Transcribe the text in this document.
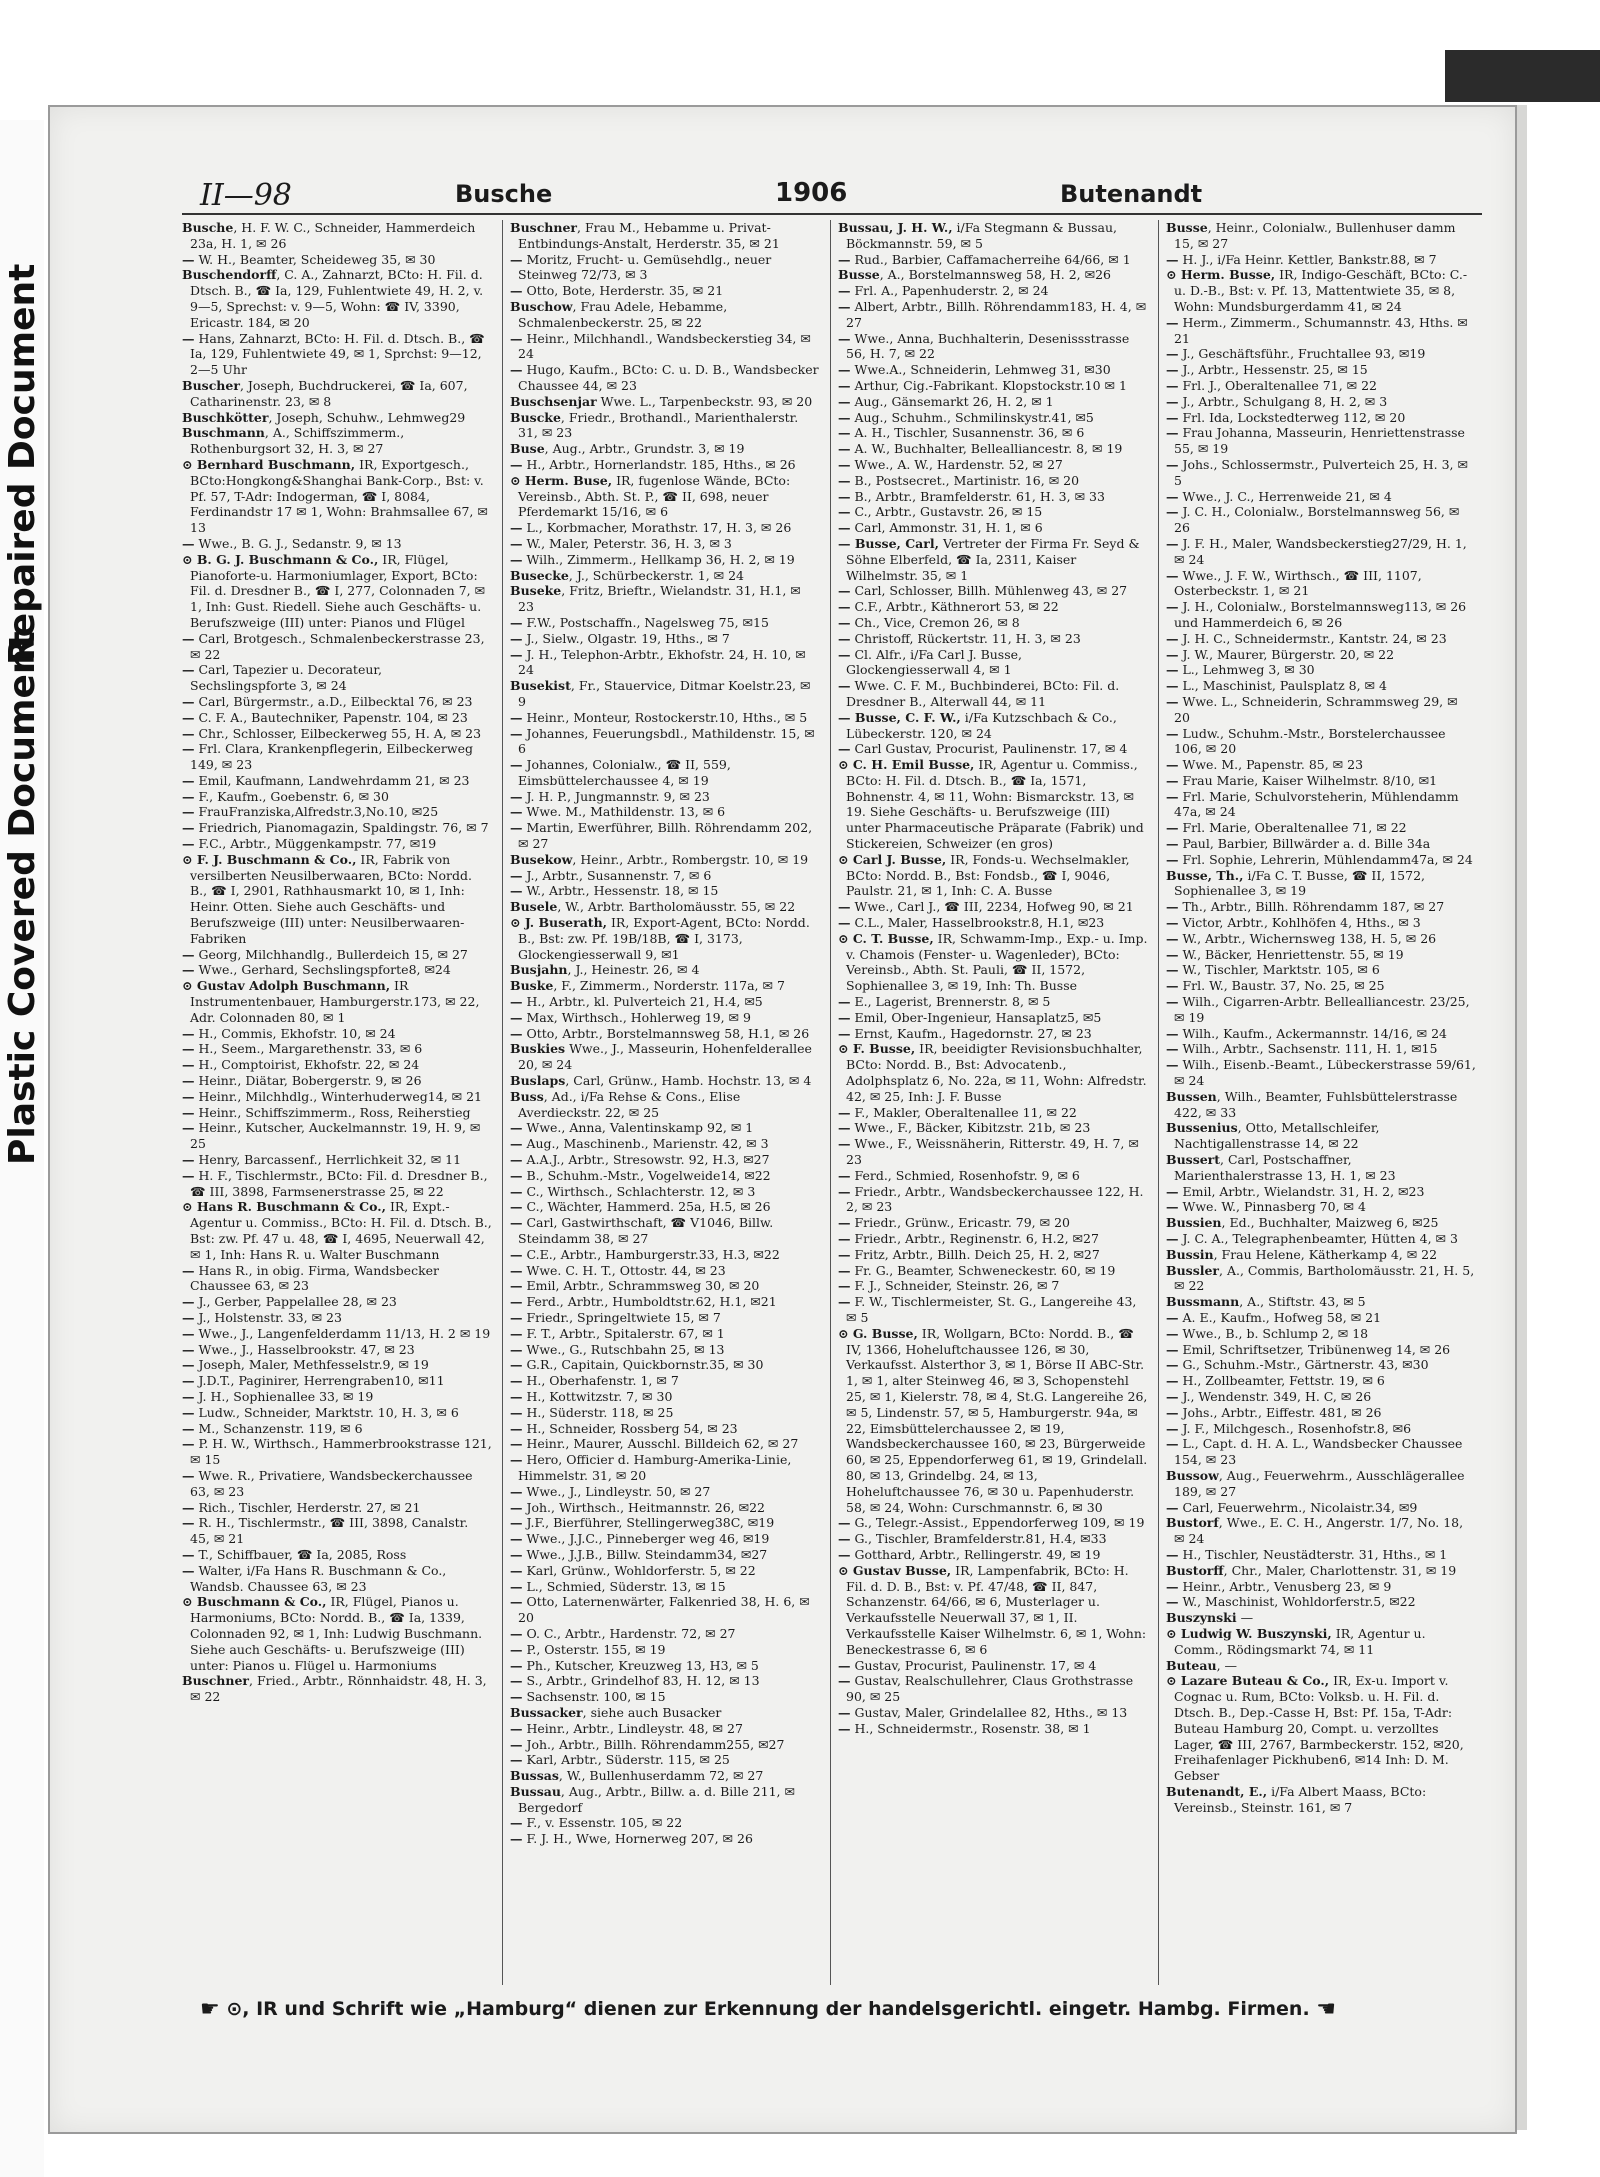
Repaired Document
Plastic Covered Document
II—98	Busche	1906	Butenandt

Busche, H. F. W. C., Schneider, Hammerdeich 23a, H. 1, ✉ 26

— W. H., Beamter, Scheideweg 35, ✉ 30

Buschendorff, C. A., Zahnarzt, BCto: H. Fil. d. Dtsch. B., ☎ Ia, 129, Fuhlentwiete 49, H. 2, v. 9—5, Sprechst: v. 9—5, Wohn: ☎ IV, 3390, Ericastr. 184, ✉ 20

— Hans, Zahnarzt, BCto: H. Fil. d. Dtsch. B., ☎ Ia, 129, Fuhlentwiete 49, ✉ 1, Sprchst: 9—12, 2—5 Uhr

Buscher, Joseph, Buchdruckerei, ☎ Ia, 607, Catharinenstr. 23, ✉ 8

Buschkötter, Joseph, Schuhw., Lehmweg29

Buschmann, A., Schiffszimmerm., Rothenburgsort 32, H. 3, ✉ 27

⊙ Bernhard Buschmann, IR, Exportgesch., BCto:Hongkong&Shanghai Bank-Corp., Bst: v. Pf. 57, T-Adr: Indogerman, ☎ I, 8084, Ferdinandstr 17 ✉ 1, Wohn: Brahmsallee 67, ✉ 13

— Wwe., B. G. J., Sedanstr. 9, ✉ 13

⊙ B. G. J. Buschmann & Co., IR, Flügel, Pianoforte-u. Harmoniumlager, Export, BCto: Fil. d. Dresdner B., ☎ I, 277, Colonnaden 7, ✉ 1, Inh: Gust. Riedell. Siehe auch Geschäfts- u. Berufszweige (III) unter: Pianos und Flügel

— Carl, Brotgesch., Schmalenbeckerstrasse 23, ✉ 22

— Carl, Tapezier u. Decorateur, Sechslingspforte 3, ✉ 24

— Carl, Bürgermstr., a.D., Eilbecktal 76, ✉ 23

— C. F. A., Bautechniker, Papenstr. 104, ✉ 23

— Chr., Schlosser, Eilbeckerweg 55, H. A, ✉ 23

— Frl. Clara, Krankenpflegerin, Eilbeckerweg 149, ✉ 23

— Emil, Kaufmann, Landwehrdamm 21, ✉ 23

— F., Kaufm., Goebenstr. 6, ✉ 30

— FrauFranziska,Alfredstr.3,No.10, ✉25

— Friedrich, Pianomagazin, Spaldingstr. 76, ✉ 7

— F.C., Arbtr., Müggenkampstr. 77, ✉19

⊙ F. J. Buschmann & Co., IR, Fabrik von versilberten Neusilberwaaren, BCto: Nordd. B., ☎ I, 2901, Rathhausmarkt 10, ✉ 1, Inh: Heinr. Otten. Siehe auch Geschäfts- und Berufszweige (III) unter: Neusilberwaaren-Fabriken

— Georg, Milchhandlg., Bullerdeich 15, ✉ 27

— Wwe., Gerhard, Sechslingspforte8, ✉24

⊙ Gustav Adolph Buschmann, IR Instrumentenbauer, Hamburgerstr.173, ✉ 22, Adr. Colonnaden 80, ✉ 1

— H., Commis, Ekhofstr. 10, ✉ 24

— H., Seem., Margarethenstr. 33, ✉ 6

— H., Comptoirist, Ekhofstr. 22, ✉ 24

— Heinr., Diätar, Bobergerstr. 9, ✉ 26

— Heinr., Milchhdlg., Winterhuderweg14, ✉ 21

— Heinr., Schiffszimmerm., Ross, Reiherstieg

— Heinr., Kutscher, Auckelmannstr. 19, H. 9, ✉ 25

— Henry, Barcassenf., Herrlichkeit 32, ✉ 11

— H. F., Tischlermstr., BCto: Fil. d. Dresdner B., ☎ III, 3898, Farmsenerstrasse 25, ✉ 22

⊙ Hans R. Buschmann & Co., IR, Expt.-Agentur u. Commiss., BCto: H. Fil. d. Dtsch. B., Bst: zw. Pf. 47 u. 48, ☎ I, 4695, Neuerwall 42, ✉ 1, Inh: Hans R. u. Walter Buschmann

— Hans R., in obig. Firma, Wandsbecker Chaussee 63, ✉ 23

— J., Gerber, Pappelallee 28, ✉ 23

— J., Holstenstr. 33, ✉ 23

— Wwe., J., Langenfelderdamm 11/13, H. 2 ✉ 19

— Wwe., J., Hasselbrookstr. 47, ✉ 23

— Joseph, Maler, Methfesselstr.9, ✉ 19

— J.D.T., Paginirer, Herrengraben10, ✉11

— J. H., Sophienallee 33, ✉ 19

— Ludw., Schneider, Marktstr. 10, H. 3, ✉ 6

— M., Schanzenstr. 119, ✉ 6

— P. H. W., Wirthsch., Hammerbrookstrasse 121, ✉ 15

— Wwe. R., Privatiere, Wandsbeckerchaussee 63, ✉ 23

— Rich., Tischler, Herderstr. 27, ✉ 21

— R. H., Tischlermstr., ☎ III, 3898, Canalstr. 45, ✉ 21

— T., Schiffbauer, ☎ Ia, 2085, Ross

— Walter, i/Fa Hans R. Buschmann & Co., Wandsb. Chaussee 63, ✉ 23

⊙ Buschmann & Co., IR, Flügel, Pianos u. Harmoniums, BCto: Nordd. B., ☎ Ia, 1339, Colonnaden 92, ✉ 1, Inh: Ludwig Buschmann. Siehe auch Geschäfts- u. Berufszweige (III) unter: Pianos u. Flügel u. Harmoniums

Buschner, Fried., Arbtr., Rönnhaidstr. 48, H. 3, ✉ 22

Buschner, Frau M., Hebamme u. Privat-Entbindungs-Anstalt, Herderstr. 35, ✉ 21

— Moritz, Frucht- u. Gemüsehdlg., neuer Steinweg 72/73, ✉ 3

— Otto, Bote, Herderstr. 35, ✉ 21

Buschow, Frau Adele, Hebamme, Schmalenbeckerstr. 25, ✉ 22

— Heinr., Milchhandl., Wandsbeckerstieg 34, ✉ 24

— Hugo, Kaufm., BCto: C. u. D. B., Wandsbecker Chaussee 44, ✉ 23

Buschsenjar Wwe. L., Tarpenbeckstr. 93, ✉ 20

Buscke, Friedr., Brothandl., Marienthalerstr. 31, ✉ 23

Buse, Aug., Arbtr., Grundstr. 3, ✉ 19

— H., Arbtr., Hornerlandstr. 185, Hths., ✉ 26

⊙ Herm. Buse, IR, fugenlose Wände, BCto: Vereinsb., Abth. St. P., ☎ II, 698, neuer Pferdemarkt 15/16, ✉ 6

— L., Korbmacher, Morathstr. 17, H. 3, ✉ 26

— W., Maler, Peterstr. 36, H. 3, ✉ 3

— Wilh., Zimmerm., Hellkamp 36, H. 2, ✉ 19

Busecke, J., Schürbeckerstr. 1, ✉ 24

Buseke, Fritz, Brieftr., Wielandstr. 31, H.1, ✉ 23

— F.W., Postschaffn., Nagelsweg 75, ✉15

— J., Sielw., Olgastr. 19, Hths., ✉ 7

— J. H., Telephon-Arbtr., Ekhofstr. 24, H. 10, ✉ 24

Busekist, Fr., Stauervice, Ditmar Koelstr.23, ✉ 9

— Heinr., Monteur, Rostockerstr.10, Hths., ✉ 5

— Johannes, Feuerungsbdl., Mathildenstr. 15, ✉ 6

— Johannes, Colonialw., ☎ II, 559, Eimsbüttelerchaussee 4, ✉ 19

— J. H. P., Jungmannstr. 9, ✉ 23

— Wwe. M., Mathildenstr. 13, ✉ 6

— Martin, Ewerführer, Billh. Röhrendamm 202, ✉ 27

Busekow, Heinr., Arbtr., Rombergstr. 10, ✉ 19

— J., Arbtr., Susannenstr. 7, ✉ 6

— W., Arbtr., Hessenstr. 18, ✉ 15

Busele, W., Arbtr. Bartholomäusstr. 55, ✉ 22

⊙ J. Buserath, IR, Export-Agent, BCto: Nordd. B., Bst: zw. Pf. 19B/18B, ☎ I, 3173, Glockengiesserwall 9, ✉1

Busjahn, J., Heinestr. 26, ✉ 4

Buske, F., Zimmerm., Norderstr. 117a, ✉ 7

— H., Arbtr., kl. Pulverteich 21, H.4, ✉5

— Max, Wirthsch., Hohlerweg 19, ✉ 9

— Otto, Arbtr., Borstelmannsweg 58, H.1, ✉ 26

Buskies Wwe., J., Masseurin, Hohenfelderallee 20, ✉ 24

Buslaps, Carl, Grünw., Hamb. Hochstr. 13, ✉ 4

Buss, Ad., i/Fa Rehse & Cons., Elise Averdieckstr. 22, ✉ 25

— Wwe., Anna, Valentinskamp 92, ✉ 1

— Aug., Maschinenb., Marienstr. 42, ✉ 3

— A.A.J., Arbtr., Stresowstr. 92, H.3, ✉27

— B., Schuhm.-Mstr., Vogelweide14, ✉22

— C., Wirthsch., Schlachterstr. 12, ✉ 3

— C., Wächter, Hammerd. 25a, H.5, ✉ 26

— Carl, Gastwirthschaft, ☎ V1046, Billw. Steindamm 38, ✉ 27

— C.E., Arbtr., Hamburgerstr.33, H.3, ✉22

— Wwe. C. H. T., Ottostr. 44, ✉ 23

— Emil, Arbtr., Schrammsweg 30, ✉ 20

— Ferd., Arbtr., Humboldtstr.62, H.1, ✉21

— Friedr., Springeltwiete 15, ✉ 7

— F. T., Arbtr., Spitalerstr. 67, ✉ 1

— Wwe., G., Rutschbahn 25, ✉ 13

— G.R., Capitain, Quickbornstr.35, ✉ 30

— H., Oberhafenstr. 1, ✉ 7

— H., Kottwitzstr. 7, ✉ 30

— H., Süderstr. 118, ✉ 25

— H., Schneider, Rossberg 54, ✉ 23

— Heinr., Maurer, Ausschl. Billdeich 62, ✉ 27

— Hero, Officier d. Hamburg-Amerika-Linie, Himmelstr. 31, ✉ 20

— Wwe., J., Lindleystr. 50, ✉ 27

— Joh., Wirthsch., Heitmannstr. 26, ✉22

— J.F., Bierführer, Stellingerweg38C, ✉19

— Wwe., J.J.C., Pinneberger weg 46, ✉19

— Wwe., J.J.B., Billw. Steindamm34, ✉27

— Karl, Grünw., Wohldorferstr. 5, ✉ 22

— L., Schmied, Süderstr. 13, ✉ 15

— Otto, Laternenwärter, Falkenried 38, H. 6, ✉ 20

— O. C., Arbtr., Hardenstr. 72, ✉ 27

— P., Osterstr. 155, ✉ 19

— Ph., Kutscher, Kreuzweg 13, H3, ✉ 5

— S., Arbtr., Grindelhof 83, H. 12, ✉ 13

— Sachsenstr. 100, ✉ 15

Bussacker, siehe auch Busacker

— Heinr., Arbtr., Lindleystr. 48, ✉ 27

— Joh., Arbtr., Billh. Röhrendamm255, ✉27

— Karl, Arbtr., Süderstr. 115, ✉ 25

Bussas, W., Bullenhuserdamm 72, ✉ 27

Bussau, Aug., Arbtr., Billw. a. d. Bille 211, ✉ Bergedorf

— F., v. Essenstr. 105, ✉ 22

— F. J. H., Wwe, Hornerweg 207, ✉ 26

Bussau, J. H. W., i/Fa Stegmann & Bussau, Böckmannstr. 59, ✉ 5

— Rud., Barbier, Caffamacherreihe 64/66, ✉ 1

Busse, A., Borstelmannsweg 58, H. 2, ✉26

— Frl. A., Papenhuderstr. 2, ✉ 24

— Albert, Arbtr., Billh. Röhrendamm183, H. 4, ✉ 27

— Wwe., Anna, Buchhalterin, Desenissstrasse 56, H. 7, ✉ 22

— Wwe.A., Schneiderin, Lehmweg 31, ✉30

— Arthur, Cig.-Fabrikant. Klopstockstr.10 ✉ 1

— Aug., Gänsemarkt 26, H. 2, ✉ 1

— Aug., Schuhm., Schmilinskystr.41, ✉5

— A. H., Tischler, Susannenstr. 36, ✉ 6

— A. W., Buchhalter, Bellealliancestr. 8, ✉ 19

— Wwe., A. W., Hardenstr. 52, ✉ 27

— B., Postsecret., Martinistr. 16, ✉ 20

— B., Arbtr., Bramfelderstr. 61, H. 3, ✉ 33

— C., Arbtr., Gustavstr. 26, ✉ 15

— Carl, Ammonstr. 31, H. 1, ✉ 6

— Busse, Carl, Vertreter der Firma Fr. Seyd & Söhne Elberfeld, ☎ Ia, 2311, Kaiser Wilhelmstr. 35, ✉ 1

— Carl, Schlosser, Billh. Mühlenweg 43, ✉ 27

— C.F., Arbtr., Käthnerort 53, ✉ 22

— Ch., Vice, Cremon 26, ✉ 8

— Christoff, Rückertstr. 11, H. 3, ✉ 23

— Cl. Alfr., i/Fa Carl J. Busse, Glockengiesserwall 4, ✉ 1

— Wwe. C. F. M., Buchbinderei, BCto: Fil. d. Dresdner B., Alterwall 44, ✉ 11

— Busse, C. F. W., i/Fa Kutzschbach & Co., Lübeckerstr. 120, ✉ 24

— Carl Gustav, Procurist, Paulinenstr. 17, ✉ 4

⊙ C. H. Emil Busse, IR, Agentur u. Commiss., BCto: H. Fil. d. Dtsch. B., ☎ Ia, 1571, Bohnenstr. 4, ✉ 11, Wohn: Bismarckstr. 13, ✉ 19. Siehe Geschäfts- u. Berufszweige (III) unter Pharmaceutische Präparate (Fabrik) und Stickereien, Schweizer (en gros)

⊙ Carl J. Busse, IR, Fonds-u. Wechselmakler, BCto: Nordd. B., Bst: Fondsb., ☎ I, 9046, Paulstr. 21, ✉ 1, Inh: C. A. Busse

— Wwe., Carl J., ☎ III, 2234, Hofweg 90, ✉ 21

— C.L., Maler, Hasselbrookstr.8, H.1, ✉23

⊙ C. T. Busse, IR, Schwamm-Imp., Exp.- u. Imp. v. Chamois (Fenster- u. Wagenleder), BCto: Vereinsb., Abth. St. Pauli, ☎ II, 1572, Sophienallee 3, ✉ 19, Inh: Th. Busse

— E., Lagerist, Brennerstr. 8, ✉ 5

— Emil, Ober-Ingenieur, Hansaplatz5, ✉5

— Ernst, Kaufm., Hagedornstr. 27, ✉ 23

⊙ F. Busse, IR, beeidigter Revisionsbuchhalter, BCto: Nordd. B., Bst: Advocatenb., Adolphsplatz 6, No. 22a, ✉ 11, Wohn: Alfredstr. 42, ✉ 25, Inh: J. F. Busse

— F., Makler, Oberaltenallee 11, ✉ 22

— Wwe., F., Bäcker, Kibitzstr. 21b, ✉ 23

— Wwe., F., Weissnäherin, Ritterstr. 49, H. 7, ✉ 23

— Ferd., Schmied, Rosenhofstr. 9, ✉ 6

— Friedr., Arbtr., Wandsbeckerchaussee 122, H. 2, ✉ 23

— Friedr., Grünw., Ericastr. 79, ✉ 20

— Friedr., Arbtr., Reginenstr. 6, H.2, ✉27

— Fritz, Arbtr., Billh. Deich 25, H. 2, ✉27

— Fr. G., Beamter, Schweneckestr. 60, ✉ 19

— F. J., Schneider, Steinstr. 26, ✉ 7

— F. W., Tischlermeister, St. G., Langereihe 43, ✉ 5

⊙ G. Busse, IR, Wollgarn, BCto: Nordd. B., ☎ IV, 1366, Hoheluftchaussee 126, ✉ 30, Verkaufsst. Alsterthor 3, ✉ 1, Börse II ABC-Str. 1, ✉ 1, alter Steinweg 46, ✉ 3, Schopenstehl 25, ✉ 1, Kielerstr. 78, ✉ 4, St.G. Langereihe 26, ✉ 5, Lindenstr. 57, ✉ 5, Hamburgerstr. 94a, ✉ 22, Eimsbüttelerchaussee 2, ✉ 19, Wandsbeckerchaussee 160, ✉ 23, Bürgerweide 60, ✉ 25, Eppendorferweg 61, ✉ 19, Grindelall. 80, ✉ 13, Grindelbg. 24, ✉ 13, Hoheluftchaussee 76, ✉ 30 u. Papenhuderstr. 58, ✉ 24, Wohn: Curschmannstr. 6, ✉ 30

— G., Telegr.-Assist., Eppendorferweg 109, ✉ 19

— G., Tischler, Bramfelderstr.81, H.4, ✉33

— Gotthard, Arbtr., Rellingerstr. 49, ✉ 19

⊙ Gustav Busse, IR, Lampenfabrik, BCto: H. Fil. d. D. B., Bst: v. Pf. 47/48, ☎ II, 847, Schanzenstr. 64/66, ✉ 6, Musterlager u. Verkaufsstelle Neuerwall 37, ✉ 1, II. Verkaufsstelle Kaiser Wilhelmstr. 6, ✉ 1, Wohn: Beneckestrasse 6, ✉ 6

— Gustav, Procurist, Paulinenstr. 17, ✉ 4

— Gustav, Realschullehrer, Claus Grothstrasse 90, ✉ 25

— Gustav, Maler, Grindelallee 82, Hths., ✉ 13

— H., Schneidermstr., Rosenstr. 38, ✉ 1

Busse, Heinr., Colonialw., Bullenhuser damm 15, ✉ 27

— H. J., i/Fa Heinr. Kettler, Bankstr.88, ✉ 7

⊙ Herm. Busse, IR, Indigo-Geschäft, BCto: C.- u. D.-B., Bst: v. Pf. 13, Mattentwiete 35, ✉ 8, Wohn: Mundsburgerdamm 41, ✉ 24

— Herm., Zimmerm., Schumannstr. 43, Hths. ✉ 21

— J., Geschäftsführ., Fruchtallee 93, ✉19

— J., Arbtr., Hessenstr. 25, ✉ 15

— Frl. J., Oberaltenallee 71, ✉ 22

— J., Arbtr., Schulgang 8, H. 2, ✉ 3

— Frl. Ida, Lockstedterweg 112, ✉ 20

— Frau Johanna, Masseurin, Henriettenstrasse 55, ✉ 19

— Johs., Schlossermstr., Pulverteich 25, H. 3, ✉ 5

— Wwe., J. C., Herrenweide 21, ✉ 4

— J. C. H., Colonialw., Borstelmannsweg 56, ✉ 26

— J. F. H., Maler, Wandsbeckerstieg27/29, H. 1, ✉ 24

— Wwe., J. F. W., Wirthsch., ☎ III, 1107, Osterbeckstr. 1, ✉ 21

— J. H., Colonialw., Borstelmannsweg113, ✉ 26 und Hammerdeich 6, ✉ 26

— J. H. C., Schneidermstr., Kantstr. 24, ✉ 23

— J. W., Maurer, Bürgerstr. 20, ✉ 22

— L., Lehmweg 3, ✉ 30

— L., Maschinist, Paulsplatz 8, ✉ 4

— Wwe. L., Schneiderin, Schrammsweg 29, ✉ 20

— Ludw., Schuhm.-Mstr., Borstelerchaussee 106, ✉ 20

— Wwe. M., Papenstr. 85, ✉ 23

— Frau Marie, Kaiser Wilhelmstr. 8/10, ✉1

— Frl. Marie, Schulvorsteherin, Mühlendamm 47a, ✉ 24

— Frl. Marie, Oberaltenallee 71, ✉ 22

— Paul, Barbier, Billwärder a. d. Bille 34a

— Frl. Sophie, Lehrerin, Mühlendamm47a, ✉ 24

Busse, Th., i/Fa C. T. Busse, ☎ II, 1572, Sophienallee 3, ✉ 19

— Th., Arbtr., Billh. Röhrendamm 187, ✉ 27

— Victor, Arbtr., Kohlhöfen 4, Hths., ✉ 3

— W., Arbtr., Wichernsweg 138, H. 5, ✉ 26

— W., Bäcker, Henriettenstr. 55, ✉ 19

— W., Tischler, Marktstr. 105, ✉ 6

— Frl. W., Baustr. 37, No. 25, ✉ 25

— Wilh., Cigarren-Arbtr. Bellealliancestr. 23/25, ✉ 19

— Wilh., Kaufm., Ackermannstr. 14/16, ✉ 24

— Wilh., Arbtr., Sachsenstr. 111, H. 1, ✉15

— Wilh., Eisenb.-Beamt., Lübeckerstrasse 59/61, ✉ 24

Bussen, Wilh., Beamter, Fuhlsbüttelerstrasse 422, ✉ 33

Bussenius, Otto, Metallschleifer, Nachtigallenstrasse 14, ✉ 22

Bussert, Carl, Postschaffner, Marienthalerstrasse 13, H. 1, ✉ 23

— Emil, Arbtr., Wielandstr. 31, H. 2, ✉23

— Wwe. W., Pinnasberg 70, ✉ 4

Bussien, Ed., Buchhalter, Maizweg 6, ✉25

— J. C. A., Telegraphenbeamter, Hütten 4, ✉ 3

Bussin, Frau Helene, Kätherkamp 4, ✉ 22

Bussler, A., Commis, Bartholomäusstr. 21, H. 5, ✉ 22

Bussmann, A., Stiftstr. 43, ✉ 5

— A. E., Kaufm., Hofweg 58, ✉ 21

— Wwe., B., b. Schlump 2, ✉ 18

— Emil, Schriftsetzer, Tribünenweg 14, ✉ 26

— G., Schuhm.-Mstr., Gärtnerstr. 43, ✉30

— H., Zollbeamter, Fettstr. 19, ✉ 6

— J., Wendenstr. 349, H. C, ✉ 26

— Johs., Arbtr., Eiffestr. 481, ✉ 26

— J. F., Milchgesch., Rosenhofstr.8, ✉6

— L., Capt. d. H. A. L., Wandsbecker Chaussee 154, ✉ 23

Bussow, Aug., Feuerwehrm., Ausschlägerallee 189, ✉ 27

— Carl, Feuerwehrm., Nicolaistr.34, ✉9

Bustorf, Wwe., E. C. H., Angerstr. 1/7, No. 18, ✉ 24

— H., Tischler, Neustädterstr. 31, Hths., ✉ 1

Bustorff, Chr., Maler, Charlottenstr. 31, ✉ 19

— Heinr., Arbtr., Venusberg 23, ✉ 9

— W., Maschinist, Wohldorferstr.5, ✉22

Buszynski —

⊙ Ludwig W. Buszynski, IR, Agentur u. Comm., Rödingsmarkt 74, ✉ 11

Buteau, —

⊙ Lazare Buteau & Co., IR, Ex-u. Import v. Cognac u. Rum, BCto: Volksb. u. H. Fil. d. Dtsch. B., Dep.-Casse H, Bst: Pf. 15a, T-Adr: Buteau Hamburg 20, Compt. u. verzolltes Lager, ☎ III, 2767, Barmbeckerstr. 152, ✉20, Freihafenlager Pickhuben6, ✉14 Inh: D. M. Gebser

Butenandt, E., i/Fa Albert Maass, BCto: Vereinsb., Steinstr. 161, ✉ 7

☛ ⊙, IR und Schrift wie „Hamburg“ dienen zur Erkennung der handelsgerichtl. eingetr. Hambg. Firmen. ☚
